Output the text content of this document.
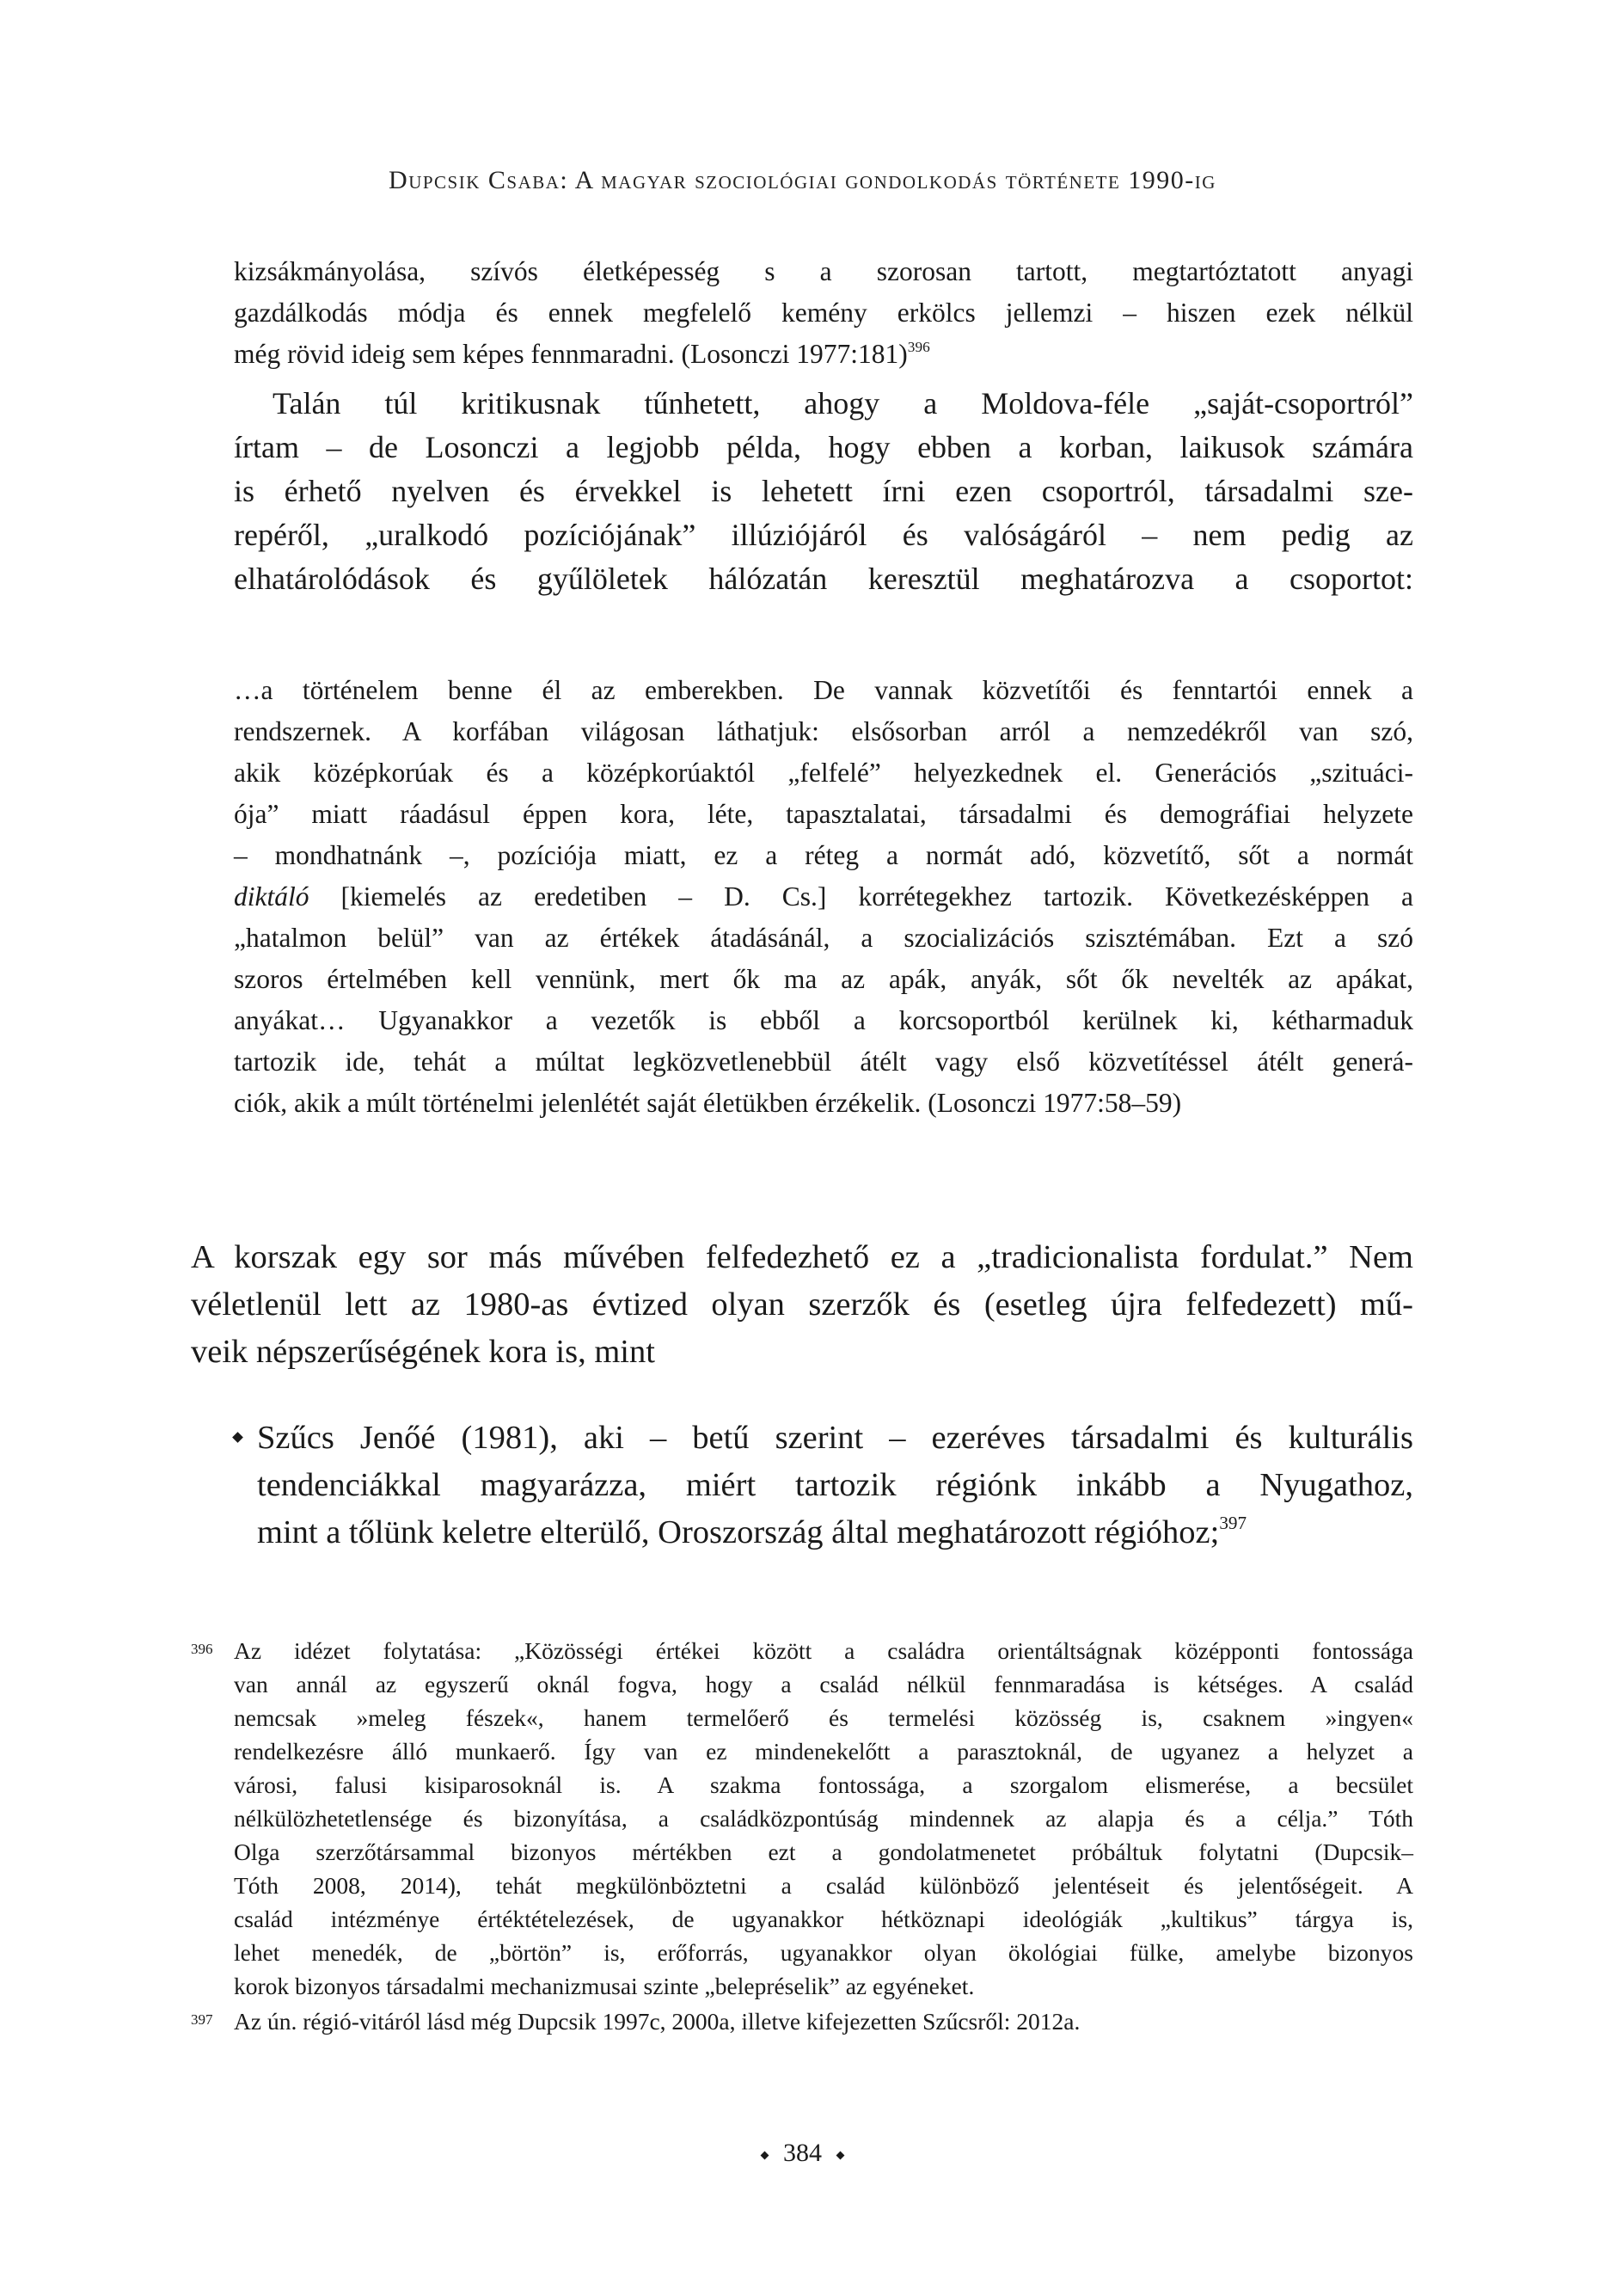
Dupcsik Csaba: A magyar szociológiai gondolkodás története 1990-ig
kizsákmányolása, szívós életképesség s a szorosan tartott, megtartóztatott anyagi
gazdálkodás módja és ennek megfelelő kemény erkölcs jellemzi – hiszen ezek nélkül
még rövid ideig sem képes fennmaradni. (Losonczi 1977:181)$^{396}$
Talán túl kritikusnak tűnhetett, ahogy a Moldova-féle „saját-csoportról”
írtam – de Losonczi a legjobb példa, hogy ebben a korban, laikusok számára
is érhető nyelven és érvekkel is lehetett írni ezen csoportról, társadalmi sze-
repéről, „uralkodó pozíciójának” illúziójáról és valóságáról – nem pedig az
elhatárolódások és gyűlöletek hálózatán keresztül meghatározva a csoportot:
…a történelem benne él az emberekben. De vannak közvetítői és fenntartói ennek a
rendszernek. A korfában világosan láthatjuk: elsősorban arról a nemzedékről van szó,
akik középkorúak és a középkorúaktól „felfelé” helyezkednek el. Generációs „szituáci-
ója” miatt ráadásul éppen kora, léte, tapasztalatai, társadalmi és demográfiai helyzete
– mondhatnánk –, pozíciója miatt, ez a réteg a normát adó, közvetítő, sőt a normát
diktáló [kiemelés az eredetiben – D. Cs.] korrétegekhez tartozik. Következésképpen a
„hatalmon belül” van az értékek átadásánál, a szocializációs szisztémában. Ezt a szó
szoros értelmében kell vennünk, mert ők ma az apák, anyák, sőt ők nevelték az apákat,
anyákat… Ugyanakkor a vezetők is ebből a korcsoportból kerülnek ki, kétharmaduk
tartozik ide, tehát a múltat legközvetlenebbül átélt vagy első közvetítéssel átélt generá-
ciók, akik a múlt történelmi jelenlétét saját életükben érzékelik. (Losonczi 1977:58–59)
A korszak egy sor más művében felfedezhető ez a „tradicionalista fordulat.” Nem
véletlenül lett az 1980-as évtized olyan szerzők és (esetleg újra felfedezett) mű-
veik népszerűségének kora is, mint
Szűcs Jenőé (1981), aki – betű szerint – ezeréves társadalmi és kulturális
tendenciákkal magyarázza, miért tartozik régiónk inkább a Nyugathoz,
mint a tőlünk keletre elterülő, Oroszország által meghatározott régióhoz;$^{397}$
396 Az idézet folytatása: „Közösségi értékei között a családra orientáltságnak középponti fontossága
van annál az egyszerű oknál fogva, hogy a család nélkül fennmaradása is kétséges. A család
nemcsak »meleg fészek«, hanem termelőerő és termelési közösség is, csaknem »ingyen«
rendelkezésre álló munkaerő. Így van ez mindenekelőtt a parasztoknál, de ugyanez a helyzet a
városi, falusi kisiparosoknál is. A szakma fontossága, a szorgalom elismerése, a becsület
nélkülözhetetlensége és bizonyítása, a családközpontúság mindennek az alapja és a célja.” Tóth
Olga szerzőtársammal bizonyos mértékben ezt a gondolatmenetet próbáltuk folytatni (Dupcsik–
Tóth 2008, 2014), tehát megkülönböztetni a család különböző jelentéseit és jelentőségeit. A
család intézménye értéktételezések, de ugyanakkor hétköznapi ideológiák „kultikus” tárgya is,
lehet menedék, de „börtön” is, erőforrás, ugyanakkor olyan ökológiai fülke, amelybe bizonyos
korok bizonyos társadalmi mechanizmusai szinte „belepréselik” az egyéneket.
397 Az ún. régió-vitáról lásd még Dupcsik 1997c, 2000a, illetve kifejezetten Szűcsről: 2012a.
384
